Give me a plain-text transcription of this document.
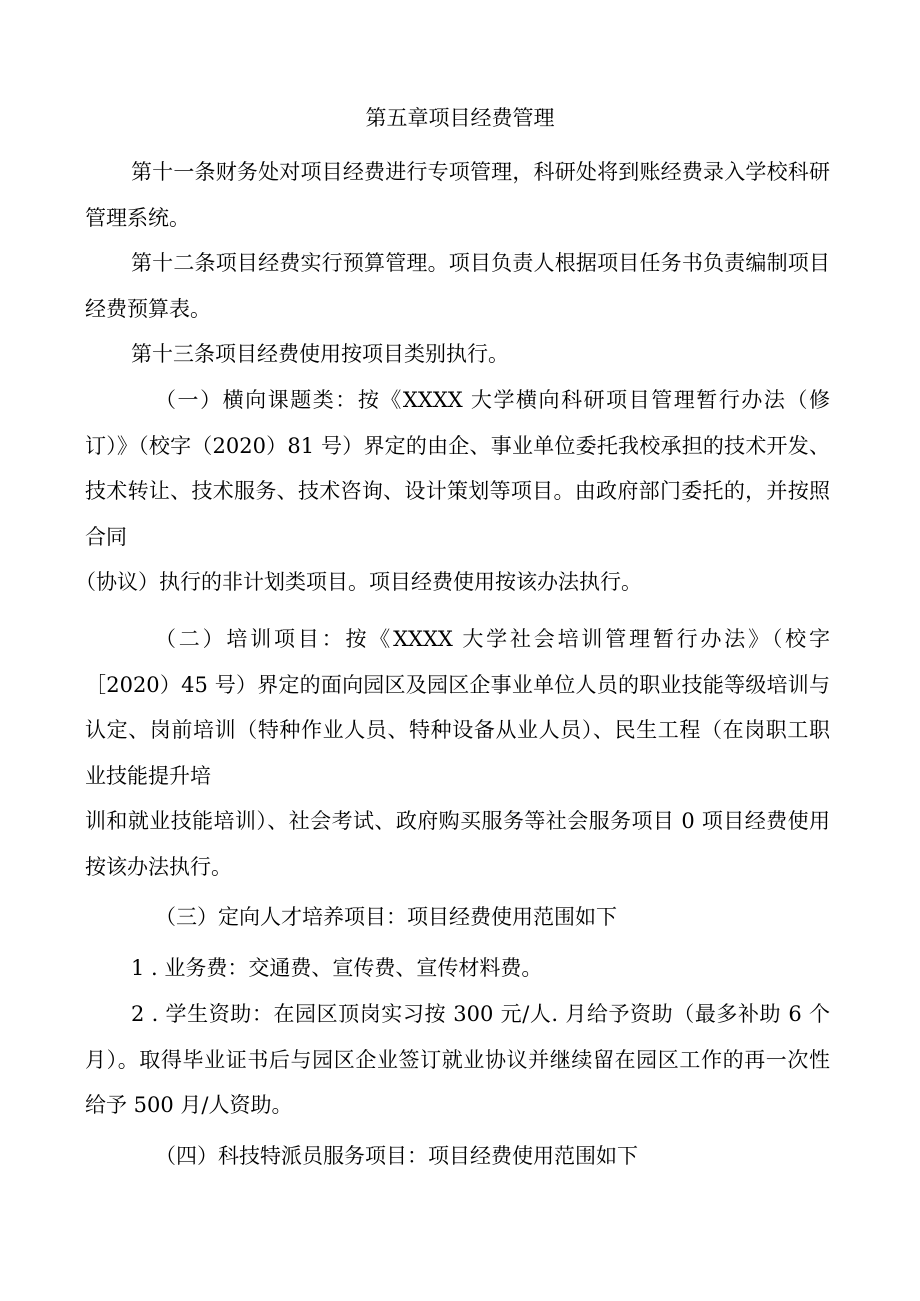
第五章项目经费管理

第十一条财务处对项目经费进行专项管理，科研处将到账经费录入学校科研管理系统。

第十二条项目经费实行预算管理。项目负责人根据项目任务书负责编制项目经费预算表。

第十三条项目经费使用按项目类别执行。

（一）横向课题类：按《XXXX 大学横向科研项目管理暂行办法（修订）》（校字（2020）81 号）界定的由企、事业单位委托我校承担的技术开发、技术转让、技术服务、技术咨询、设计策划等项目。由政府部门委托的，并按照合同

（协议）执行的非计划类项目。项目经费使用按该办法执行。

（二）培训项目：按《XXXX 大学社会培训管理暂行办法》（校字［2020）45 号）界定的面向园区及园区企事业单位人员的职业技能等级培训与认定、岗前培训（特种作业人员、特种设备从业人员）、民生工程（在岗职工职业技能提升培

训和就业技能培训）、社会考试、政府购买服务等社会服务项目 0 项目经费使用按该办法执行。

（三）定向人才培养项目：项目经费使用范围如下

1 . 业务费：交通费、宣传费、宣传材料费。

2 . 学生资助：在园区顶岗实习按 300 元/人. 月给予资助（最多补助 6 个月）。取得毕业证书后与园区企业签订就业协议并继续留在园区工作的再一次性给予 500 月/人资助。

（四）科技特派员服务项目：项目经费使用范围如下
